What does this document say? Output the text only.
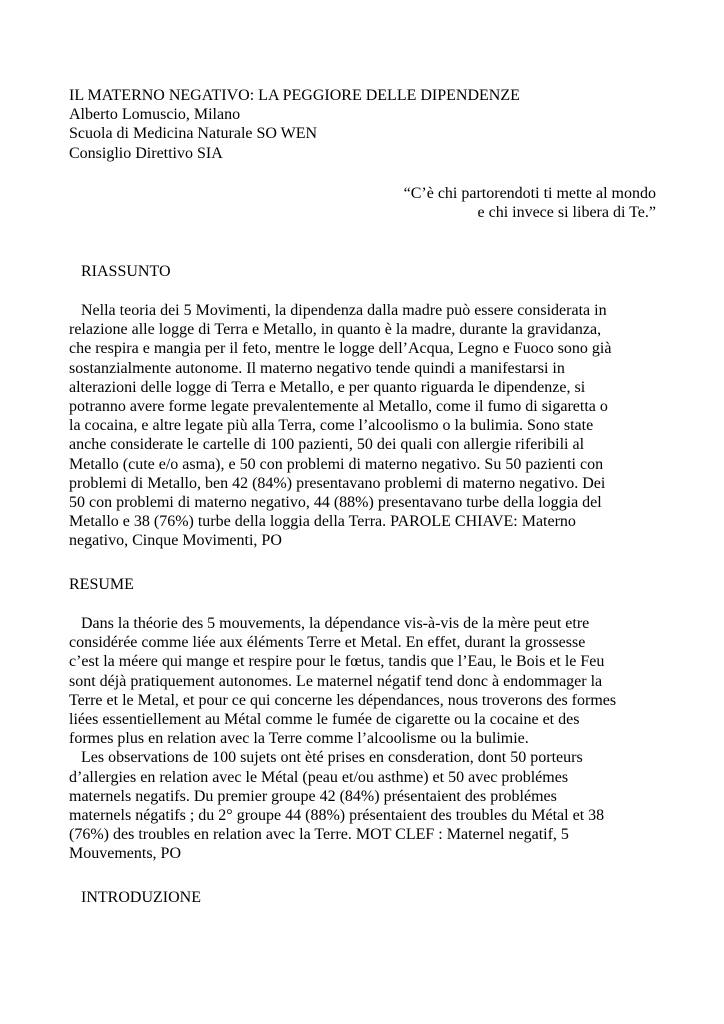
IL MATERNO NEGATIVO: LA PEGGIORE DELLE DIPENDENZE
Alberto Lomuscio, Milano
Scuola di Medicina Naturale SO WEN
Consiglio Direttivo SIA
“C’è chi partorendoti ti mette al mondo
e chi invece si libera di Te.”
RIASSUNTO
Nella teoria dei 5 Movimenti, la dipendenza dalla madre può essere considerata in
relazione alle logge di Terra e Metallo, in quanto è la madre, durante la gravidanza,
che respira e mangia per il feto, mentre le logge dell’Acqua, Legno e Fuoco sono già
sostanzialmente autonome. Il materno negativo tende quindi a manifestarsi in
alterazioni delle logge di Terra e Metallo, e per quanto riguarda le dipendenze, si
potranno avere forme legate prevalentemente al Metallo, come il fumo di sigaretta o
la cocaina, e altre legate più alla Terra, come l’alcoolismo o la bulimia. Sono state
anche considerate le cartelle di 100 pazienti, 50 dei quali con allergie riferibili al
Metallo (cute e/o asma), e 50 con problemi di materno negativo. Su 50 pazienti con
problemi di Metallo, ben 42 (84%) presentavano problemi di materno negativo. Dei
50 con problemi di materno negativo, 44 (88%) presentavano turbe della loggia del
Metallo e 38 (76%) turbe della loggia della Terra. PAROLE CHIAVE: Materno
negativo, Cinque Movimenti, PO
RESUME
Dans la théorie des 5 mouvements, la dépendance vis-à-vis de la mère peut etre
considérée comme liée aux éléments Terre et Metal. En effet, durant la grossesse
c’est la méere qui mange et respire pour le fœtus, tandis que l’Eau, le Bois et le Feu
sont déjà pratiquement autonomes. Le maternel négatif tend donc à endommager la
Terre et le Metal, et pour ce qui concerne les dépendances, nous troverons des formes
liées essentiellement au Métal comme le fumée de cigarette ou la cocaine et des
formes plus en relation avec la Terre comme l’alcoolisme ou la bulimie.
Les observations de 100 sujets ont èté prises en consderation, dont 50 porteurs
d’allergies en relation avec le Métal (peau et/ou asthme) et 50 avec problémes
maternels negatifs. Du premier groupe 42 (84%) présentaient des problémes
maternels négatifs ; du 2° groupe 44 (88%) présentaient des troubles du Métal et 38
(76%) des troubles en relation avec la Terre. MOT CLEF : Maternel negatif, 5
Mouvements, PO
INTRODUZIONE
